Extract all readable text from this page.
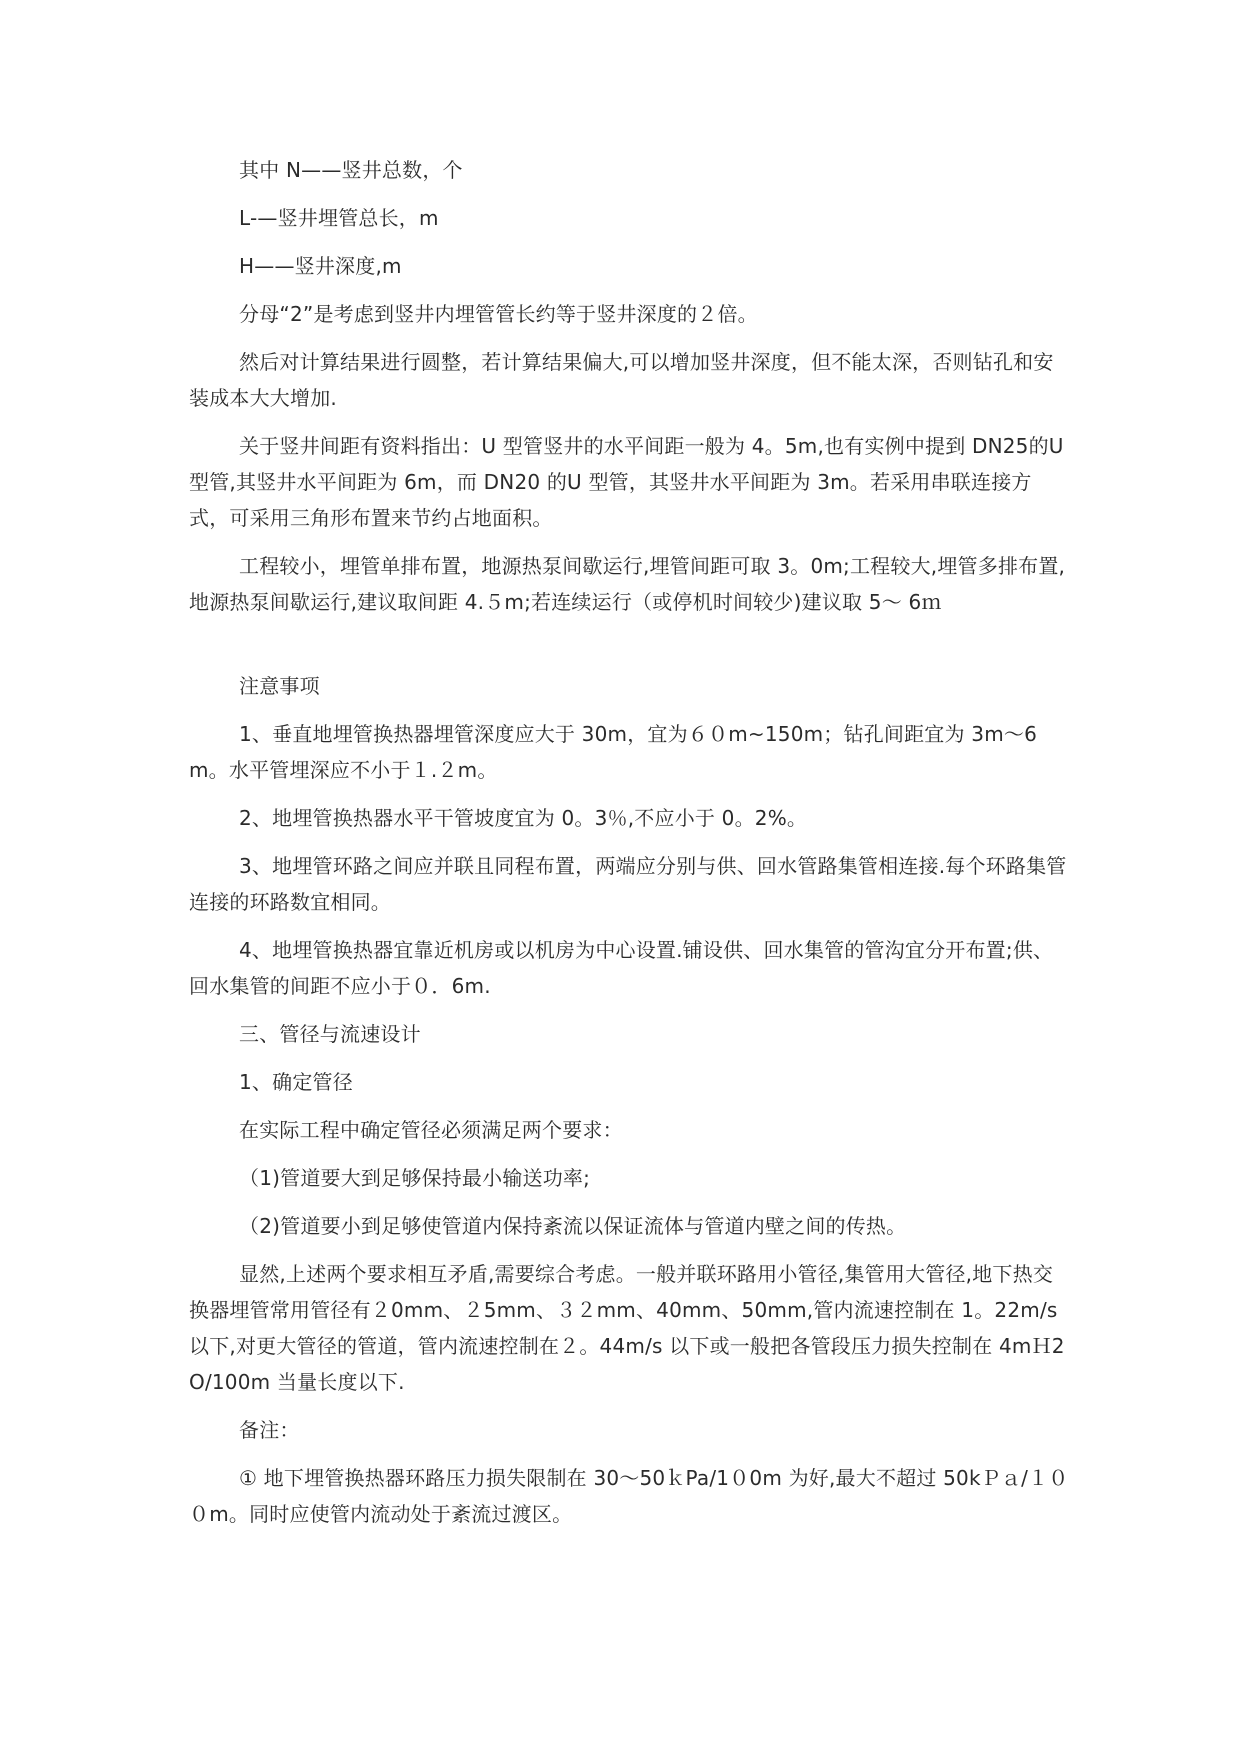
其中 N——竖井总数，个

L-—竖井埋管总长，m

H——竖井深度,m

分母“2”是考虑到竖井内埋管管长约等于竖井深度的２倍。

然后对计算结果进行圆整，若计算结果偏大,可以增加竖井深度，但不能太深，否则钻孔和安装成本大大增加.

关于竖井间距有资料指出：U 型管竖井的水平间距一般为 4。5m,也有实例中提到 DN25的U 型管,其竖井水平间距为 6m，而 DN20 的U 型管，其竖井水平间距为 3m。若采用串联连接方式，可采用三角形布置来节约占地面积。

工程较小，埋管单排布置，地源热泵间歇运行,埋管间距可取 3。0m;工程较大,埋管多排布置,地源热泵间歇运行,建议取间距 4.５m;若连续运行（或停机时间较少)建议取 5～ 6ｍ

注意事项

1、垂直地埋管换热器埋管深度应大于 30m，宜为６０m~150m；钻孔间距宜为 3m～6m。水平管埋深应不小于１.２m。

2、地埋管换热器水平干管坡度宜为 0。3％,不应小于 0。2%。

3、地埋管环路之间应并联且同程布置，两端应分别与供、回水管路集管相连接.每个环路集管连接的环路数宜相同。

4、地埋管换热器宜靠近机房或以机房为中心设置.铺设供、回水集管的管沟宜分开布置;供、回水集管的间距不应小于０．6m.

三、管径与流速设计

1、确定管径

在实际工程中确定管径必须满足两个要求：

（1)管道要大到足够保持最小输送功率;

（2)管道要小到足够使管道内保持紊流以保证流体与管道内壁之间的传热。

显然,上述两个要求相互矛盾,需要综合考虑。一般并联环路用小管径,集管用大管径,地下热交换器埋管常用管径有２0mm、２5mm、３２mm、40mm、50mm,管内流速控制在 1。22m/s 以下,对更大管径的管道，管内流速控制在２。44m/s 以下或一般把各管段压力损失控制在 4mＨ2O/100m 当量长度以下.

备注：

① 地下埋管换热器环路压力损失限制在 30～50ｋPa/1０0m 为好,最大不超过 50kＰａ/１００m。同时应使管内流动处于紊流过渡区。
